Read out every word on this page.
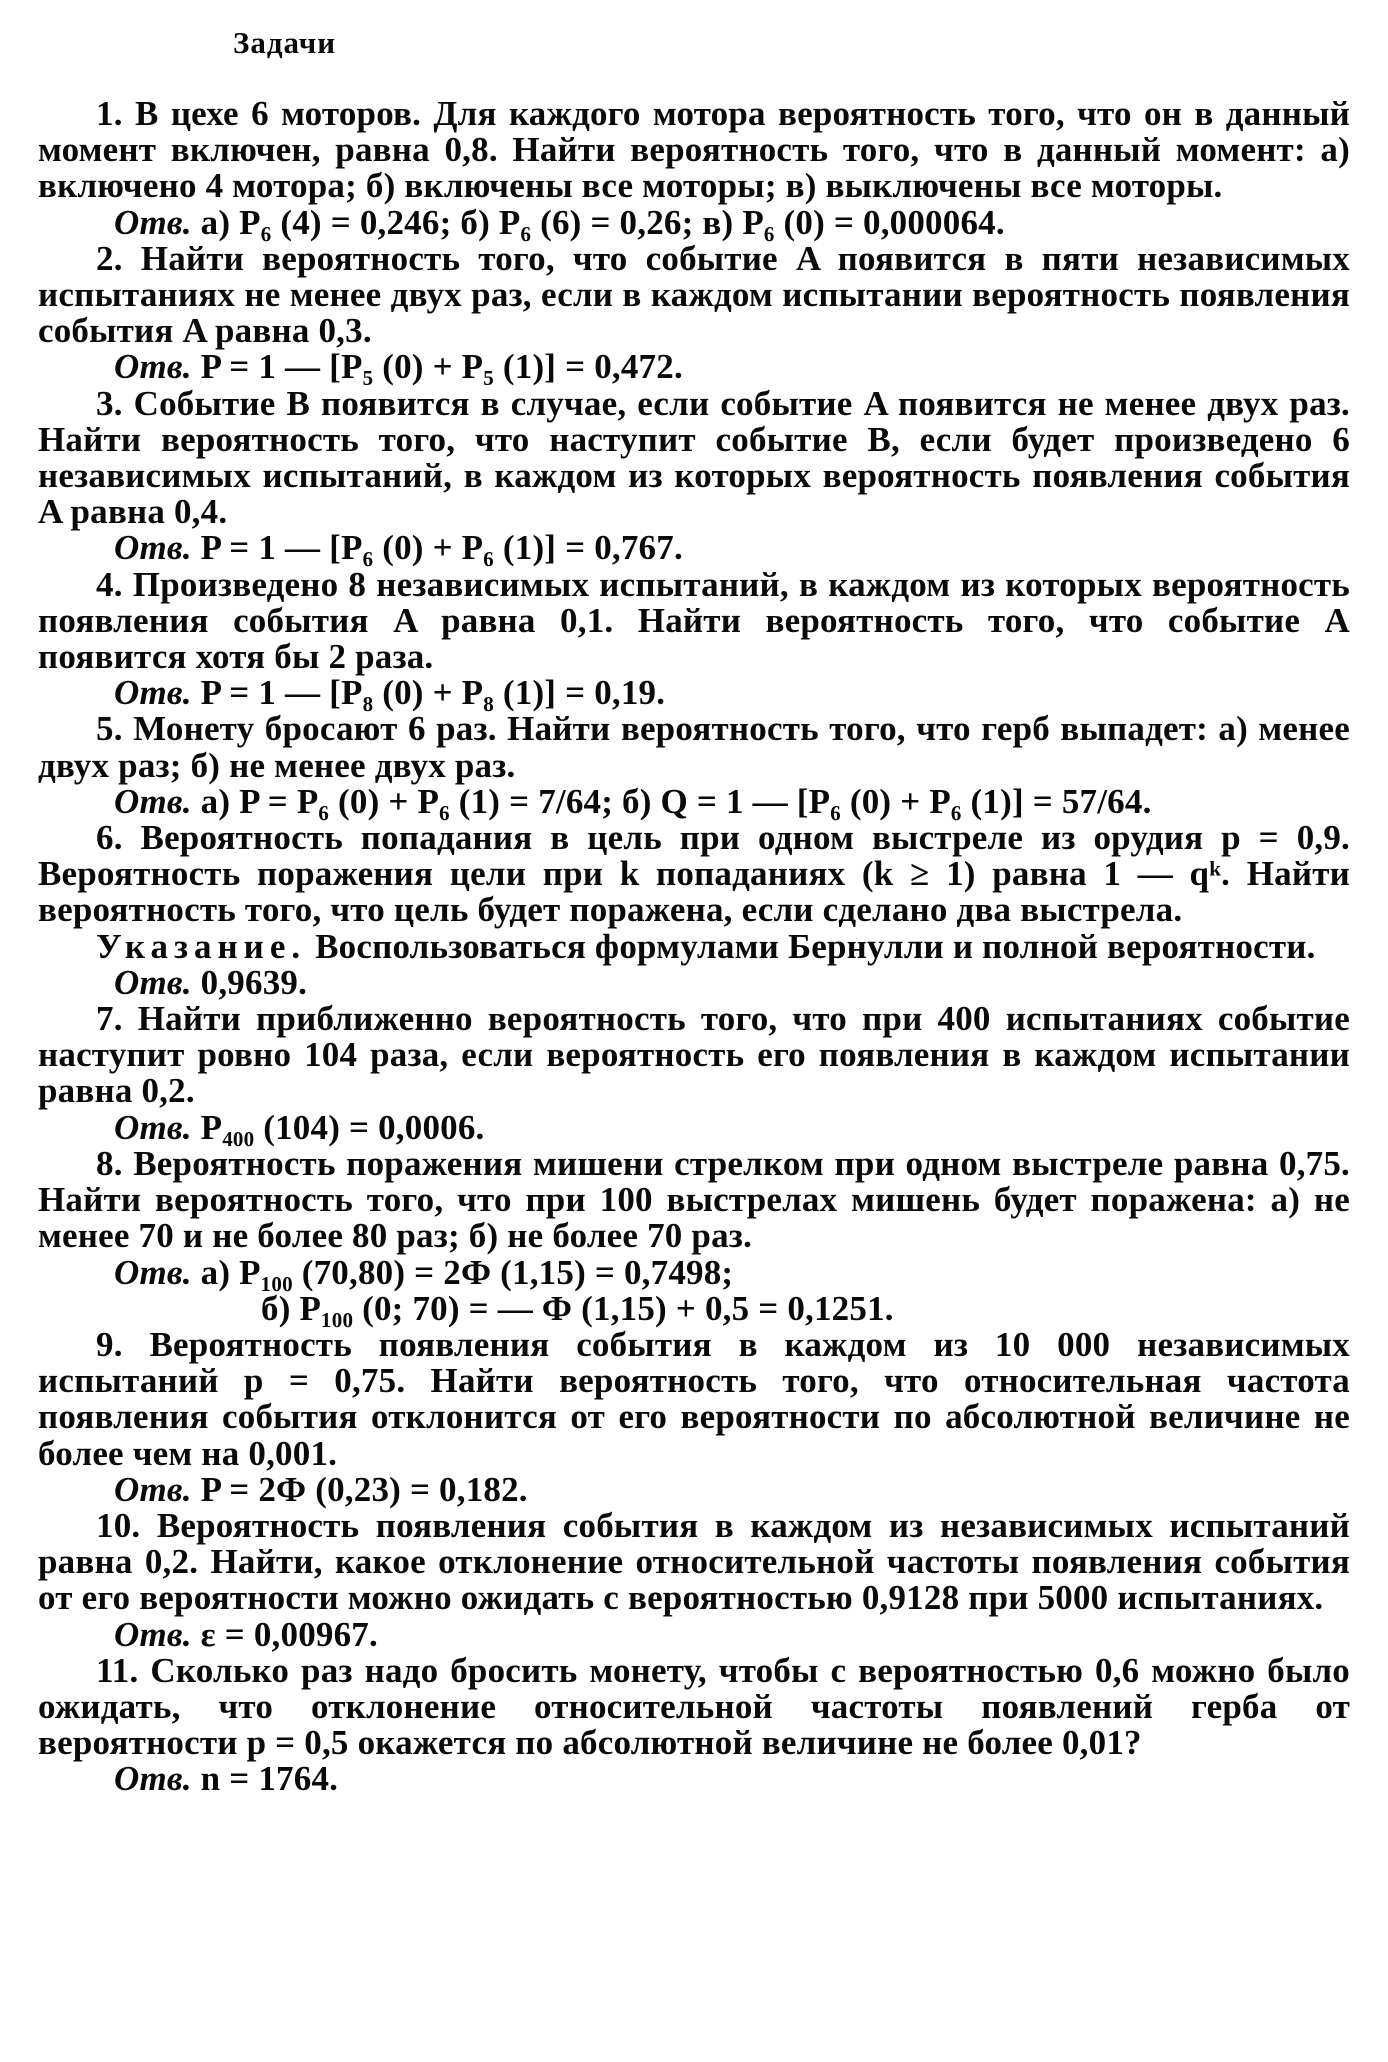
Задачи

1. В цехе 6 моторов. Для каждого мотора вероятность того, что он в данный момент включен, равна 0,8. Найти вероятность того, что в данный момент: а) включено 4 мотора; б) включены все моторы; в) выключены все моторы.

Отв. а) P₆ (4) = 0,246; б) P₆ (6) = 0,26; в) P₆ (0) = 0,000064.

2. Найти вероятность того, что событие A появится в пяти независимых испытаниях не менее двух раз, если в каждом испытании вероятность появления события A равна 0,3.

Отв. P = 1 — [P₅ (0) + P₅ (1)] = 0,472.

3. Событие B появится в случае, если событие A появится не менее двух раз. Найти вероятность того, что наступит событие B, если будет произведено 6 независимых испытаний, в каждом из которых вероятность появления события A равна 0,4.

Отв. P = 1 — [P₆ (0) + P₆ (1)] = 0,767.

4. Произведено 8 независимых испытаний, в каждом из которых вероятность появления события A равна 0,1. Найти вероятность того, что событие A появится хотя бы 2 раза.

Отв. P = 1 — [P₈ (0) + P₈ (1)] = 0,19.

5. Монету бросают 6 раз. Найти вероятность того, что герб выпадет: а) менее двух раз; б) не менее двух раз.

Отв. а) P = P₆ (0) + P₆ (1) = 7/64; б) Q = 1 — [P₆ (0) + P₆ (1)] = 57/64.

6. Вероятность попадания в цель при одном выстреле из орудия p = 0,9. Вероятность поражения цели при k попаданиях (k ≥ 1) равна 1 — qᵏ. Найти вероятность того, что цель будет поражена, если сделано два выстрела.

Указание. Воспользоваться формулами Бернулли и полной вероятности.

Отв. 0,9639.

7. Найти приближенно вероятность того, что при 400 испытаниях событие наступит ровно 104 раза, если вероятность его появления в каждом испытании равна 0,2.

Отв. P₄₀₀ (104) = 0,0006.

8. Вероятность поражения мишени стрелком при одном выстреле равна 0,75. Найти вероятность того, что при 100 выстрелах мишень будет поражена: а) не менее 70 и не более 80 раз; б) не более 70 раз.

Отв. а) P₁₀₀ (70,80) = 2Ф (1,15) = 0,7498;

б) P₁₀₀ (0; 70) = — Ф (1,15) + 0,5 = 0,1251.

9. Вероятность появления события в каждом из 10 000 независимых испытаний p = 0,75. Найти вероятность того, что относительная частота появления события отклонится от его вероятности по абсолютной величине не более чем на 0,001.

Отв. P = 2Ф (0,23) = 0,182.

10. Вероятность появления события в каждом из независимых испытаний равна 0,2. Найти, какое отклонение относительной частоты появления события от его вероятности можно ожидать с вероятностью 0,9128 при 5000 испытаниях.

Отв. ε = 0,00967.

11. Сколько раз надо бросить монету, чтобы с вероятностью 0,6 можно было ожидать, что отклонение относительной частоты появлений герба от вероятности p = 0,5 окажется по абсолютной величине не более 0,01?

Отв. n = 1764.
